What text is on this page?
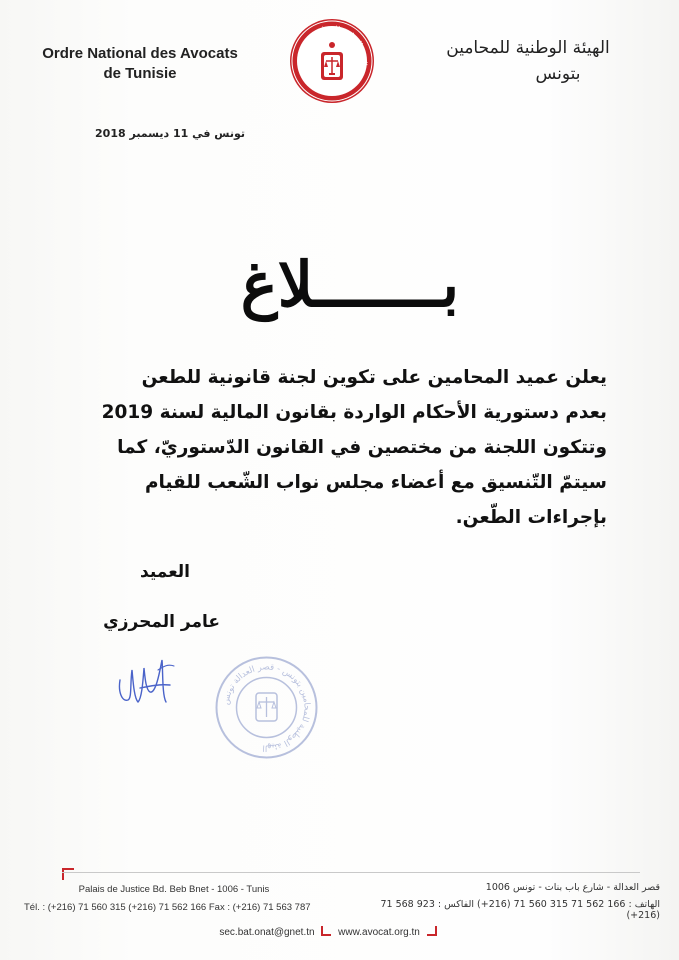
Ordre National des Avocats
de Tunisie
الهيئة الوطنية للمحامين بتونس
الهيئة الوطنية للمحامين
بتونس
تونس في 11 ديسمبر 2018
بـــــــلاغ

يعلن عميد المحامين على تكوين لجنة قانونية للطعن

بعدم دستورية الأحكام الواردة بقانون المالية لسنة 2019

وتتكون اللجنة من مختصين في القانون الدّستوريّ، كما

سيتمّ التّنسيق مع أعضاء مجلس نواب الشّعب للقيام

بإجراءات الطّعن.

العميد
عامر المحرزي
الهيئة الوطنية للمحامين بتونس - قصر العدالة تونس
Palais de Justice Bd. Beb Bnet - 1006 - Tunis
Tél. : (+216) 71 560 315 (+216) 71 562 166 Fax : (+216) 71 563 787
قصر العدالة - شارع باب بنات - تونس 1006
الهاتف : 166 562 71 315 560 71 (216+) الفاكس : 923 568 71 (216+)
sec.bat.onat@gnet.tn www.avocat.org.tn
